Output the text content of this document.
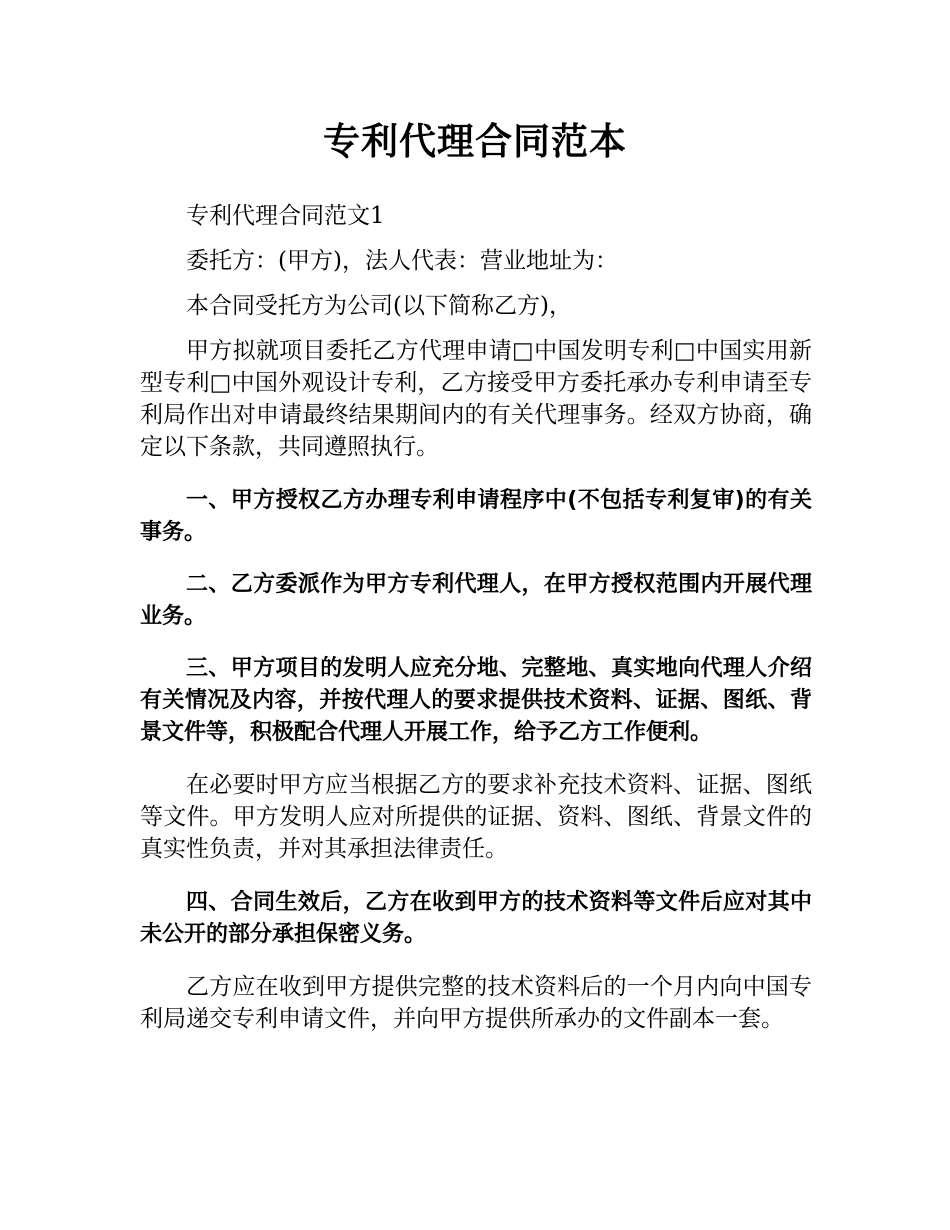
专利代理合同范本

专利代理合同范文1

委托方：(甲方)，法人代表：营业地址为：

本合同受托方为公司(以下简称乙方)，

甲方拟就项目委托乙方代理申请□中国发明专利□中国实用新型专利□中国外观设计专利，乙方接受甲方委托承办专利申请至专利局作出对申请最终结果期间内的有关代理事务。经双方协商，确定以下条款，共同遵照执行。

一、甲方授权乙方办理专利申请程序中(不包括专利复审)的有关事务。

二、乙方委派作为甲方专利代理人，在甲方授权范围内开展代理业务。

三、甲方项目的发明人应充分地、完整地、真实地向代理人介绍有关情况及内容，并按代理人的要求提供技术资料、证据、图纸、背景文件等，积极配合代理人开展工作，给予乙方工作便利。

在必要时甲方应当根据乙方的要求补充技术资料、证据、图纸等文件。甲方发明人应对所提供的证据、资料、图纸、背景文件的真实性负责，并对其承担法律责任。

四、合同生效后，乙方在收到甲方的技术资料等文件后应对其中未公开的部分承担保密义务。

乙方应在收到甲方提供完整的技术资料后的一个月内向中国专利局递交专利申请文件，并向甲方提供所承办的文件副本一套。
